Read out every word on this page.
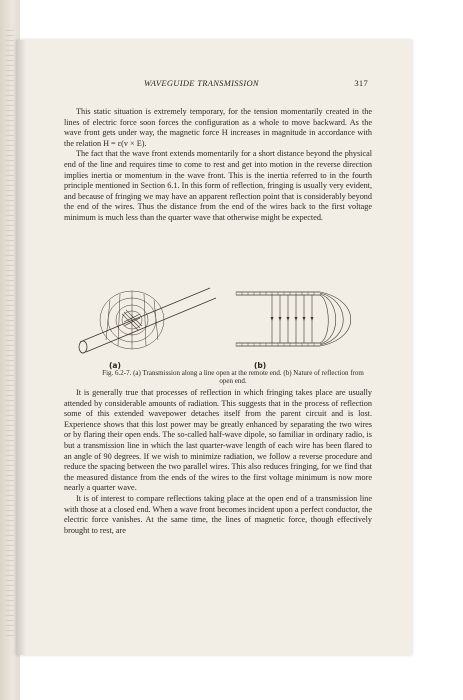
WAVEGUIDE TRANSMISSION	317

This static situation is extremely temporary, for the tension momentarily created in the lines of electric force soon forces the configuration as a whole to move backward. As the wave front gets under way, the magnetic force H increases in magnitude in accordance with the relation H = ε(v × E).

The fact that the wave front extends momentarily for a short distance beyond the physical end of the line and requires time to come to rest and get into motion in the reverse direction implies inertia or momentum in the wave front. This is the inertia referred to in the fourth principle mentioned in Section 6.1. In this form of reflection, fringing is usually very evident, and because of fringing we may have an apparent reflection point that is considerably beyond the end of the wires. Thus the distance from the end of the wires back to the first voltage minimum is much less than the quarter wave that otherwise might be expected.

(a)	(b)
Fig. 6.2-7. (a) Transmission along a line open at the remote end. (b) Nature of reflection from open end.

It is generally true that processes of reflection in which fringing takes place are usually attended by considerable amounts of radiation. This suggests that in the process of reflection some of this extended wavepower detaches itself from the parent circuit and is lost. Experience shows that this lost power may be greatly enhanced by separating the two wires or by flaring their open ends. The so-called half-wave dipole, so familiar in ordinary radio, is but a transmission line in which the last quarter-wave length of each wire has been flared to an angle of 90 degrees. If we wish to minimize radiation, we follow a reverse procedure and reduce the spacing between the two parallel wires. This also reduces fringing, for we find that the measured distance from the ends of the wires to the first voltage minimum is now more nearly a quarter wave.

It is of interest to compare reflections taking place at the open end of a transmission line with those at a closed end. When a wave front becomes incident upon a perfect conductor, the electric force vanishes. At the same time, the lines of magnetic force, though effectively brought to rest, are
